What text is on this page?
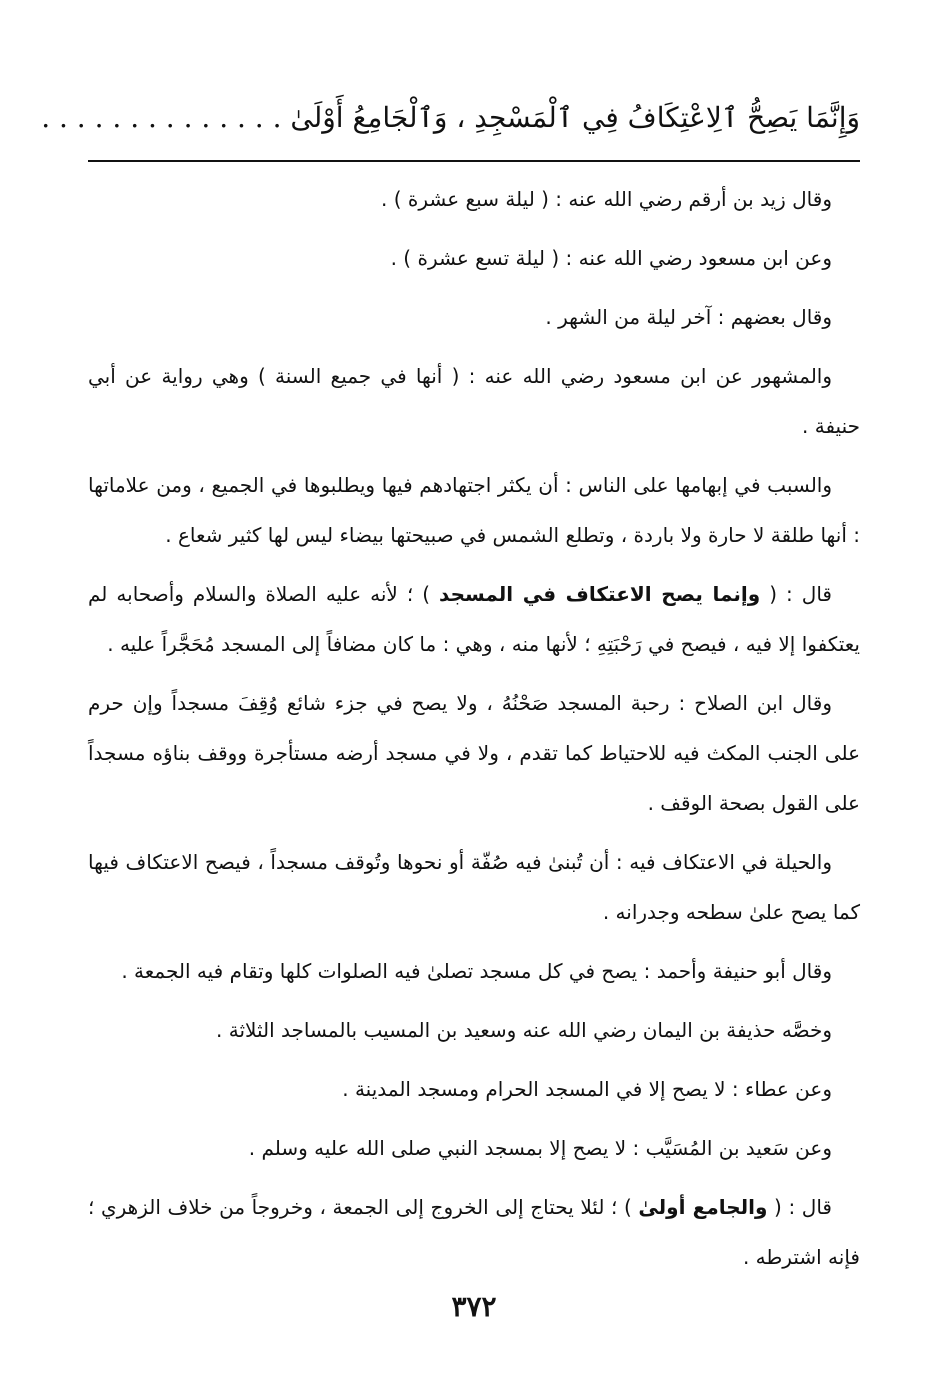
وَإِنَّمَا يَصِحُّ ٱلِاعْتِكَافُ فِي ٱلْمَسْجِدِ ، وَٱلْجَامِعُ أَوْلَىٰ . . . . . . . . . . . . . .

وقال زيد بن أرقم رضي الله عنه : ( ليلة سبع عشرة ) .

وعن ابن مسعود رضي الله عنه : ( ليلة تسع عشرة ) .

وقال بعضهم : آخر ليلة من الشهر .

والمشهور عن ابن مسعود رضي الله عنه : ( أنها في جميع السنة ) وهي رواية عن أبي حنيفة .

والسبب في إبهامها على الناس : أن يكثر اجتهادهم فيها ويطلبوها في الجميع ، ومن علاماتها : أنها طلقة لا حارة ولا باردة ، وتطلع الشمس في صبيحتها بيضاء ليس لها كثير شعاع .

قال : ( وإنما يصح الاعتكاف في المسجد ) ؛ لأنه عليه الصلاة والسلام وأصحابه لم يعتكفوا إلا فيه ، فيصح في رَحْبَتِهِ ؛ لأنها منه ، وهي : ما كان مضافاً إلى المسجد مُحَجَّراً عليه .

وقال ابن الصلاح : رحبة المسجد صَحْنُهُ ، ولا يصح في جزء شائع وُقِفَ مسجداً وإن حرم على الجنب المكث فيه للاحتياط كما تقدم ، ولا في مسجد أرضه مستأجرة ووقف بناؤه مسجداً على القول بصحة الوقف .

والحيلة في الاعتكاف فيه : أن تُبنىٰ فيه صُفّة أو نحوها وتُوقف مسجداً ، فيصح الاعتكاف فيها كما يصح علىٰ سطحه وجدرانه .

وقال أبو حنيفة وأحمد : يصح في كل مسجد تصلىٰ فيه الصلوات كلها وتقام فيه الجمعة .

وخصَّه حذيفة بن اليمان رضي الله عنه وسعيد بن المسيب بالمساجد الثلاثة .

وعن عطاء : لا يصح إلا في المسجد الحرام ومسجد المدينة .

وعن سَعيد بن المُسَيَّب : لا يصح إلا بمسجد النبي صلى الله عليه وسلم .

قال : ( والجامع أولىٰ ) ؛ لئلا يحتاج إلى الخروج إلى الجمعة ، وخروجاً من خلاف الزهري ؛ فإنه اشترطه .

٣٧٢
